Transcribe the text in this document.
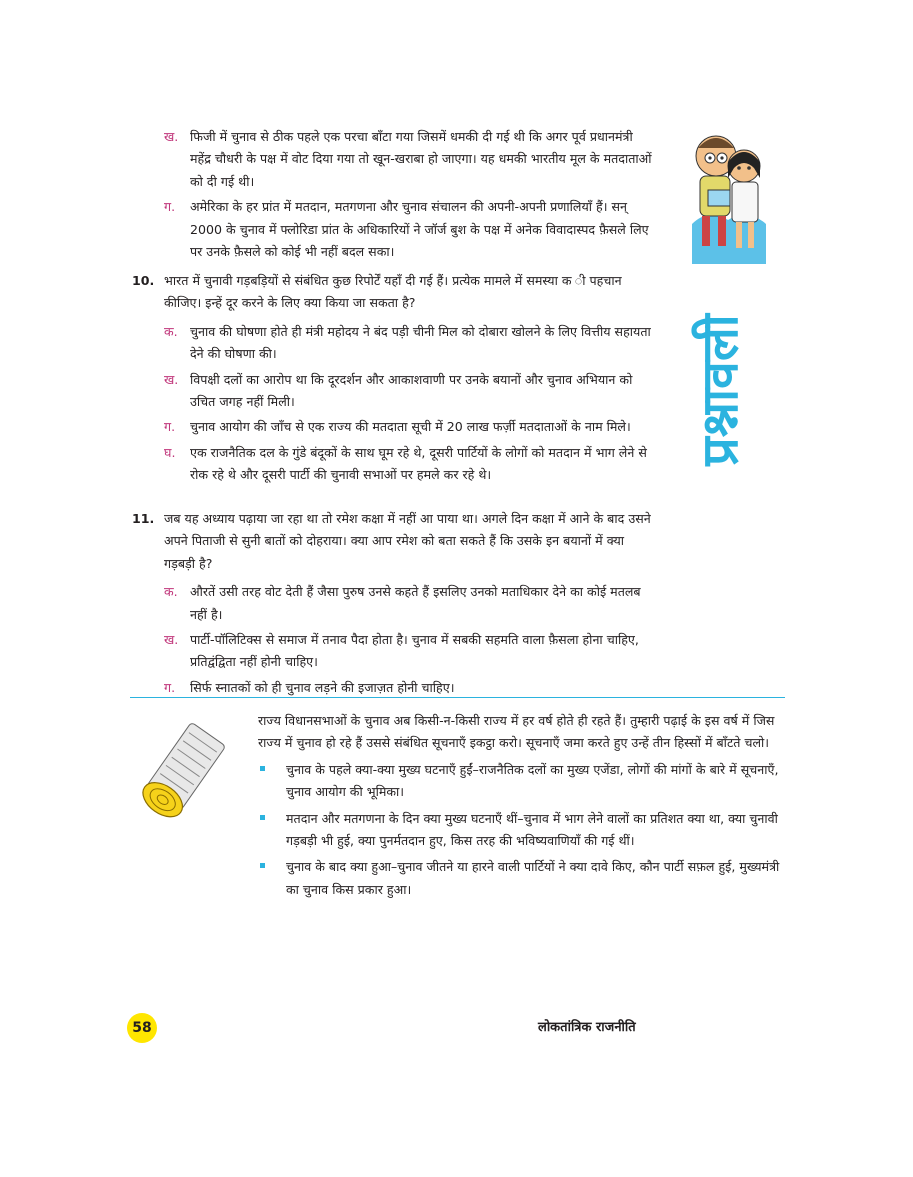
ख. फिजी में चुनाव से ठीक पहले एक परचा बाँटा गया जिसमें धमकी दी गई थी कि अगर पूर्व प्रधानमंत्री महेंद्र चौधरी के पक्ष में वोट दिया गया तो खून-खराबा हो जाएगा। यह धमकी भारतीय मूल के मतदाताओं को दी गई थी।

ग. अमेरिका के हर प्रांत में मतदान, मतगणना और चुनाव संचालन की अपनी-अपनी प्रणालियाँ हैं। सन् 2000 के चुनाव में फ्लोरिडा प्रांत के अधिकारियों ने जॉर्ज बुश के पक्ष में अनेक विवादास्पद फ़ैसले लिए पर उनके फ़ैसले को कोई भी नहीं बदल सका।

प्रश्नावली
10. भारत में चुनावी गड़बड़ियों से संबंधित कुछ रिपोर्टें यहाँ दी गई हैं। प्रत्येक मामले में समस्या क ी पहचान कीजिए। इन्हें दूर करने के लिए क्या किया जा सकता है?

क. चुनाव की घोषणा होते ही मंत्री महोदय ने बंद पड़ी चीनी मिल को दोबारा खोलने के लिए वित्तीय सहायता देने की घोषणा की।

ख. विपक्षी दलों का आरोप था कि दूरदर्शन और आकाशवाणी पर उनके बयानों और चुनाव अभियान को उचित जगह नहीं मिली।

ग. चुनाव आयोग की जाँच से एक राज्य की मतदाता सूची में 20 लाख फर्ज़ी मतदाताओं के नाम मिले।

घ. एक राजनैतिक दल के गुंडे बंदूकों के साथ घूम रहे थे, दूसरी पार्टियों के लोगों को मतदान में भाग लेने से रोक रहे थे और दूसरी पार्टी की चुनावी सभाओं पर हमले कर रहे थे।

11. जब यह अध्याय पढ़ाया जा रहा था तो रमेश कक्षा में नहीं आ पाया था। अगले दिन कक्षा में आने के बाद उसने अपने पिताजी से सुनी बातों को दोहराया। क्या आप रमेश को बता सकते हैं कि उसके इन बयानों में क्या गड़बड़ी है?

क. औरतें उसी तरह वोट देती हैं जैसा पुरुष उनसे कहते हैं इसलिए उनको मताधिकार देने का कोई मतलब नहीं है।

ख. पार्टी-पॉलिटिक्स से समाज में तनाव पैदा होता है। चुनाव में सबकी सहमति वाला फ़ैसला होना चाहिए, प्रतिद्वंद्विता नहीं होनी चाहिए।

ग. सिर्फ स्नातकों को ही चुनाव लड़ने की इजाज़त होनी चाहिए।

राज्य विधानसभाओं के चुनाव अब किसी-न-किसी राज्य में हर वर्ष होते ही रहते हैं। तुम्हारी पढ़ाई के इस वर्ष में जिस राज्य में चुनाव हो रहे हैं उससे संबंधित सूचनाएँ इकट्ठा करो। सूचनाएँ जमा करते हुए उन्हें तीन हिस्सों में बाँटते चलो।

चुनाव के पहले क्या-क्या मुख्य घटनाएँ हुईं–राजनैतिक दलों का मुख्य एजेंडा, लोगों की मांगों के बारे में सूचनाएँ, चुनाव आयोग की भूमिका।
मतदान और मतगणना के दिन क्या मुख्य घटनाएँ थीं–चुनाव में भाग लेने वालों का प्रतिशत क्या था, क्या चुनावी गड़बड़ी भी हुई, क्या पुनर्मतदान हुए, किस तरह की भविष्यवाणियाँ की गई थीं।
चुनाव के बाद क्या हुआ–चुनाव जीतने या हारने वाली पार्टियों ने क्या दावे किए, कौन पार्टी सफ़ल हुई, मुख्यमंत्री का चुनाव किस प्रकार हुआ।
58	लोकतांत्रिक राजनीति
